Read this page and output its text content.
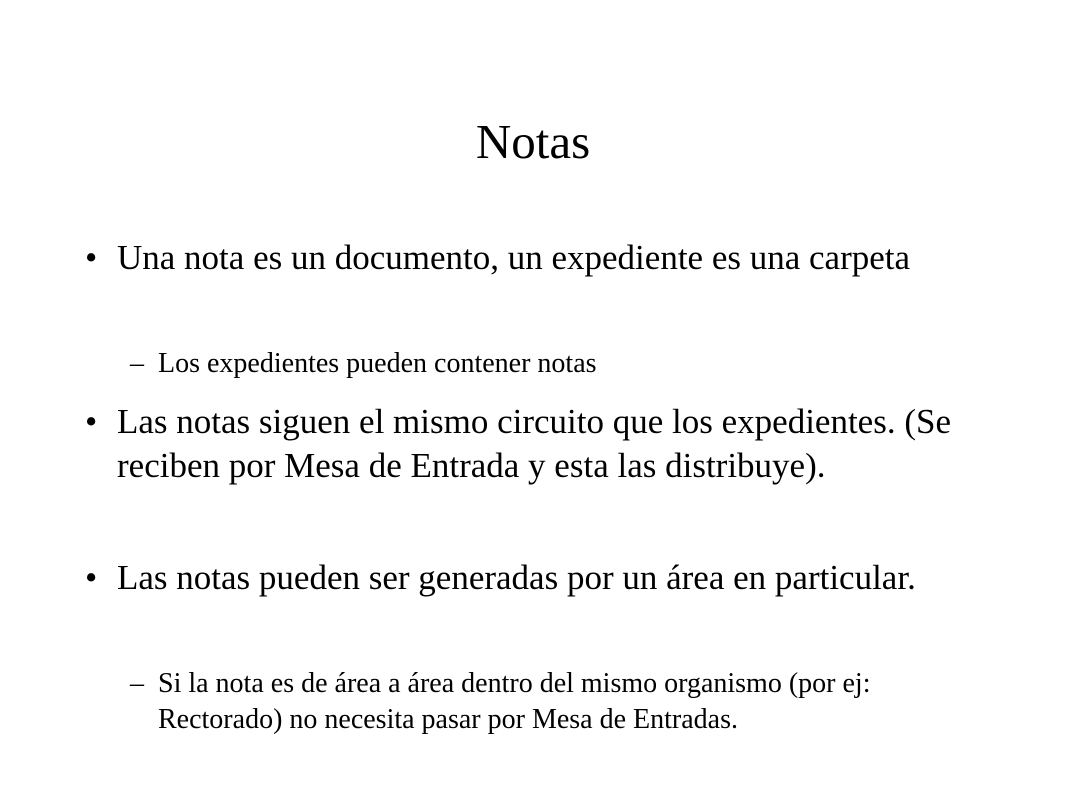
Notas
• Una nota es un documento, un expediente es una carpeta
– Los expedientes pueden contener notas
• Las notas siguen el mismo circuito que los expedientes. (Se reciben por Mesa de Entrada y esta las distribuye).
• Las notas pueden ser generadas por un área en particular.
– Si la nota es de área a área dentro del mismo organismo (por ej: Rectorado) no necesita pasar por Mesa de Entradas.
